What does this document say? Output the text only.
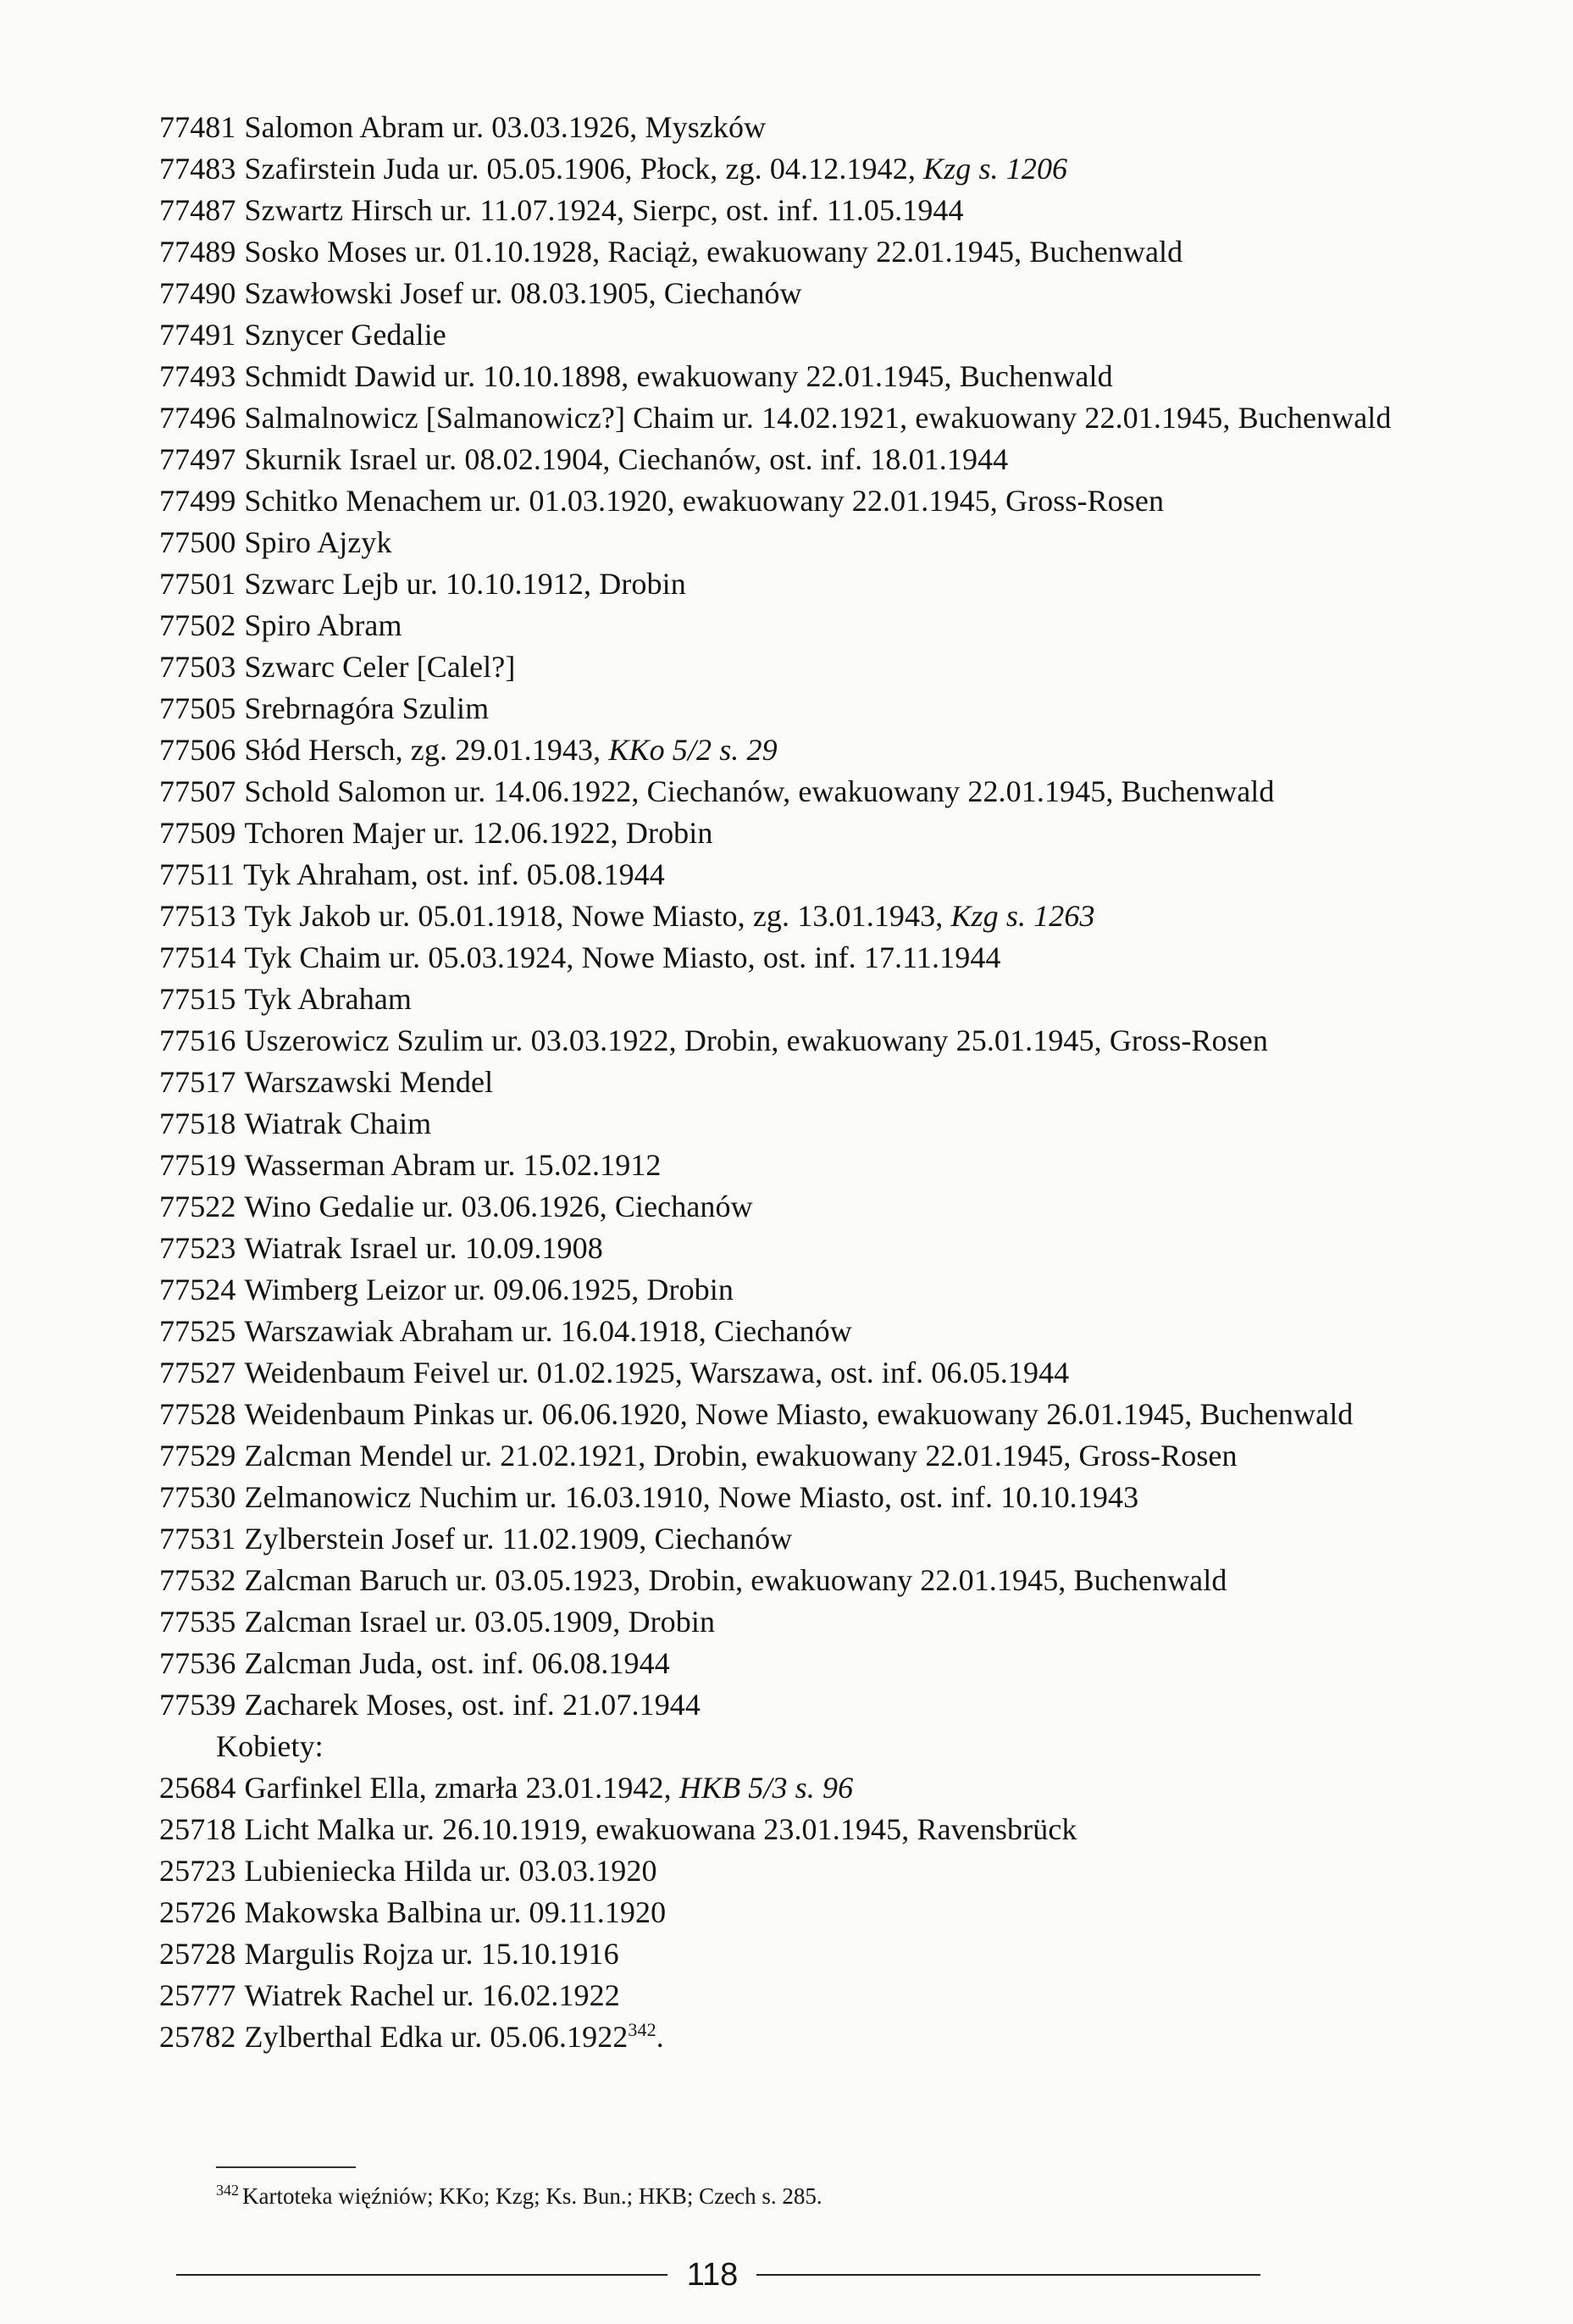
77481 Salomon Abram ur. 03.03.1926, Myszków
77483 Szafirstein Juda ur. 05.05.1906, Płock, zg. 04.12.1942, Kzg s. 1206
77487 Szwartz Hirsch ur. 11.07.1924, Sierpc, ost. inf. 11.05.1944
77489 Sosko Moses ur. 01.10.1928, Raciąż, ewakuowany 22.01.1945, Buchenwald
77490 Szawłowski Josef ur. 08.03.1905, Ciechanów
77491 Sznycer Gedalie
77493 Schmidt Dawid ur. 10.10.1898, ewakuowany 22.01.1945, Buchenwald
77496 Salmalnowicz [Salmanowicz?] Chaim ur. 14.02.1921, ewakuowany 22.01.1945, Buchenwald
77497 Skurnik Israel ur. 08.02.1904, Ciechanów, ost. inf. 18.01.1944
77499 Schitko Menachem ur. 01.03.1920, ewakuowany 22.01.1945, Gross-Rosen
77500 Spiro Ajzyk
77501 Szwarc Lejb ur. 10.10.1912, Drobin
77502 Spiro Abram
77503 Szwarc Celer [Calel?]
77505 Srebrnagóra Szulim
77506 Słód Hersch, zg. 29.01.1943, KKo 5/2 s. 29
77507 Schold Salomon ur. 14.06.1922, Ciechanów, ewakuowany 22.01.1945, Buchenwald
77509 Tchoren Majer ur. 12.06.1922, Drobin
77511 Tyk Ahraham, ost. inf. 05.08.1944
77513 Tyk Jakob ur. 05.01.1918, Nowe Miasto, zg. 13.01.1943, Kzg s. 1263
77514 Tyk Chaim ur. 05.03.1924, Nowe Miasto, ost. inf. 17.11.1944
77515 Tyk Abraham
77516 Uszerowicz Szulim ur. 03.03.1922, Drobin, ewakuowany 25.01.1945, Gross-Rosen
77517 Warszawski Mendel
77518 Wiatrak Chaim
77519 Wasserman Abram ur. 15.02.1912
77522 Wino Gedalie ur. 03.06.1926, Ciechanów
77523 Wiatrak Israel ur. 10.09.1908
77524 Wimberg Leizor ur. 09.06.1925, Drobin
77525 Warszawiak Abraham ur. 16.04.1918, Ciechanów
77527 Weidenbaum Feivel ur. 01.02.1925, Warszawa, ost. inf. 06.05.1944
77528 Weidenbaum Pinkas ur. 06.06.1920, Nowe Miasto, ewakuowany 26.01.1945, Buchenwald
77529 Zalcman Mendel ur. 21.02.1921, Drobin, ewakuowany 22.01.1945, Gross-Rosen
77530 Zelmanowicz Nuchim ur. 16.03.1910, Nowe Miasto, ost. inf. 10.10.1943
77531 Zylberstein Josef ur. 11.02.1909, Ciechanów
77532 Zalcman Baruch ur. 03.05.1923, Drobin, ewakuowany 22.01.1945, Buchenwald
77535 Zalcman Israel ur. 03.05.1909, Drobin
77536 Zalcman Juda, ost. inf. 06.08.1944
77539 Zacharek Moses, ost. inf. 21.07.1944
Kobiety:
25684 Garfinkel Ella, zmarła 23.01.1942, HKB 5/3 s. 96
25718 Licht Malka ur. 26.10.1919, ewakuowana 23.01.1945, Ravensbrück
25723 Lubieniecka Hilda ur. 03.03.1920
25726 Makowska Balbina ur. 09.11.1920
25728 Margulis Rojza ur. 15.10.1916
25777 Wiatrek Rachel ur. 16.02.1922
25782 Zylberthal Edka ur. 05.06.1922$^{342}$.
$^{342}$ Kartoteka więźniów; KKo; Kzg; Ks. Bun.; HKB; Czech s. 285.
118
